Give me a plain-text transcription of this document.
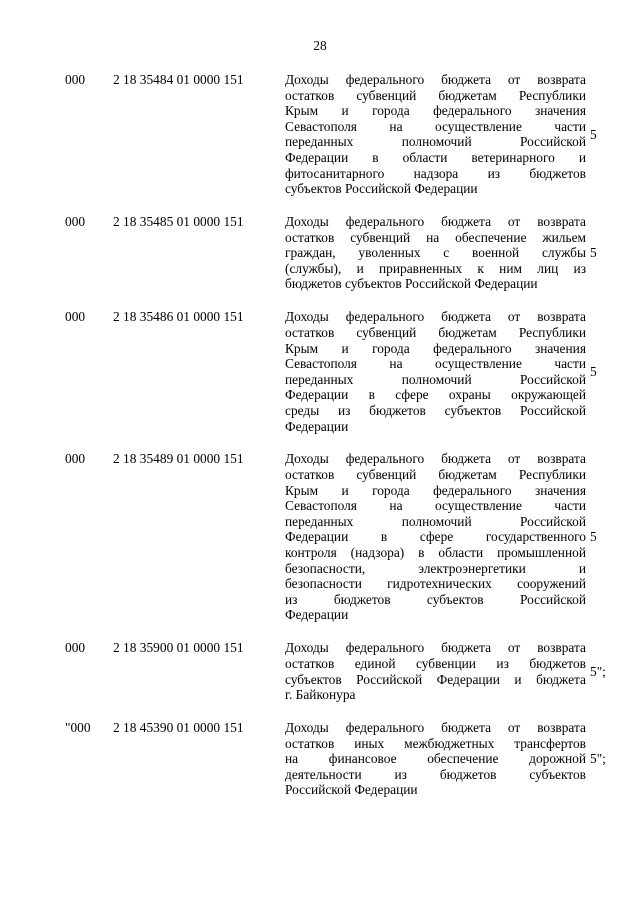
28
000 2 18 35484 01 0000 151	Доходы федерального бюджета от возврата
остатков субвенций бюджетам Республики
Крым и города федерального значения
Севастополя на осуществление части
переданных полномочий Российской
Федерации в области ветеринарного и
фитосанитарного надзора из бюджетов
субъектов Российской Федерации
5
000 2 18 35485 01 0000 151	Доходы федерального бюджета от возврата
остатков субвенций на обеспечение жильем
граждан, уволенных с военной службы
(службы), и приравненных к ним лиц из
бюджетов субъектов Российской Федерации
5
000 2 18 35486 01 0000 151	Доходы федерального бюджета от возврата
остатков субвенций бюджетам Республики
Крым и города федерального значения
Севастополя на осуществление части
переданных полномочий Российской
Федерации в сфере охраны окружающей
среды из бюджетов субъектов Российской
Федерации
5
000 2 18 35489 01 0000 151	Доходы федерального бюджета от возврата
остатков субвенций бюджетам Республики
Крым и города федерального значения
Севастополя на осуществление части
переданных полномочий Российской
Федерации в сфере государственного
контроля (надзора) в области промышленной
безопасности, электроэнергетики и
безопасности гидротехнических сооружений
из бюджетов субъектов Российской
Федерации
5
000 2 18 35900 01 0000 151	Доходы федерального бюджета от возврата
остатков единой субвенции из бюджетов
субъектов Российской Федерации и бюджета
г. Байконура
5";
"000 2 18 45390 01 0000 151	Доходы федерального бюджета от возврата
остатков иных межбюджетных трансфертов
на финансовое обеспечение дорожной
деятельности из бюджетов субъектов
Российской Федерации
5";
